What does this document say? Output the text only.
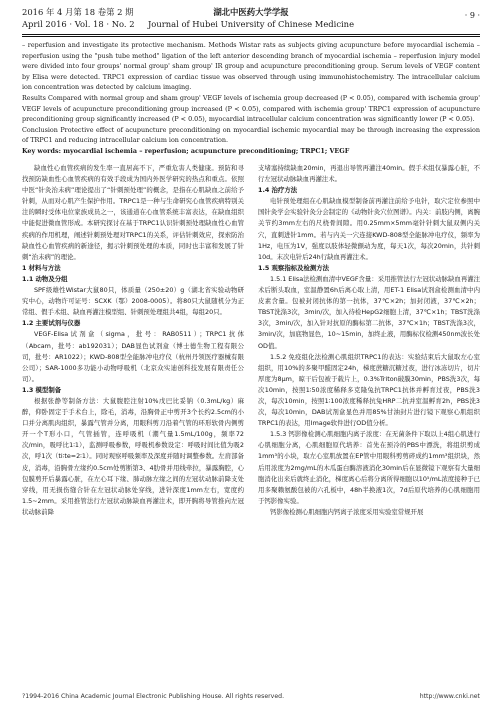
2016 年 4 月第 18 卷第 2 期
April 2016 · Vol. 18 · No. 2
湖北中医药大学学报
Journal of Hubei University of Chinese Medicine
· 9 ·

– reperfusion and investigate its protective mechanism. Methods Wistar rats as subjects giving acupuncture before myocardial ischemia – reperfusion using the "push tube method" ligation of the left anterior descending branch of myocardial ischemia – reperfusion injury model were divided into four groups' normal group' sham group' IR group and acupuncture preconditioning group. Serum levels of VEGF content by Elisa were detected. TRPC1 expression of cardiac tissue was observed through using immunohistochemistry. The intracellular calcium ion concentration was detected by calcium imaging.

Results Compared with normal group and sham group' VEGF levels of ischemia group decreased (P < 0.05), compared with ischemia group' VEGF levels of acupuncture preconditioning group increased (P < 0.05), compared with ischemia group' TRPC1 expression of acupuncture preconditioning group significantly increased (P < 0.05), myocardial intracellular calcium concentration was significantly lower (P < 0.05).

Conclusion Protective effect of acupuncture preconditioning on myocardial ischemic myocardial may be through increasing the expression of TRPC1 and reducing intracellular calcium ion concentration.

Key words: myocardial ischemia – reperfusion; acupuncture preconditioning; TRPC1; VEGF

缺血性心血管疾病的发生率一直居高不下，严重危害人类健康。预防和寻找预防缺血性心血管疾病的有效手段成为国内外医学研究的热点和重点。依照中医“针灸治未病”理论提出了“针刺预处理”的概念，是指在心肌缺血之前给予针刺，从而对心肌产生保护作用。TRPC1是一种与生命研究心血管疾病特别关注的瞬时受体电位家族成员之一，该通道在心血管系统丰富表达，在缺血组织中能促进微血管形成。本研究探讨在基于TRPC1认识针刺预处理缺血性心血管疾病的作用机理，阐述针刺预处理对TRPC1的关系，评估针刺效应，探索防治缺血性心血管疾病的新途径，揭示针刺预处理的本质，同时也丰富和发展了针刺“治未病”的理论。

1 材料与方法

1.1 动物及分组

SPF级雄性Wistar大鼠80只，体质量（250±20）g（湖北省实验动物研究中心，动物许可证号：SCXK（鄂）2008-0005）。将80只大鼠随机分为正常组、假手术组、缺血再灌注模型组、针刺预处理组共4组，每组20只。

1.2 主要试剂与仪器

VEGF-Elisa试剂盒（sigma，批号：RAB0511）；TRPC1抗体（Abcam，批号：ab192031）；DAB显色试剂盒（博士德生物工程有限公司，批号：AR1022）；KWD-808型全能脉冲电疗仪（杭州丹领医疗器械有限公司）；SAR-1000多功能小动物呼吸机（北京众实迪创科技发展有限责任公司）。

1.3 模型制备

根据张静等制备方法：大鼠腹腔注射10%戊巴比妥钠（0.3mL/kg）麻醉，仰卧固定于手术台上，除毛，消毒，沿胸骨正中剪开3个长约2.5cm的小口并分离肌肉组织，暴露气管并分离，用眼科剪刀沿着气管的环形软骨内侧剪开一个T形小口，气管插管，连呼吸机（潮气量1.5mL/100g，频率72次/min，吸呼比1∶1），监测呼吸参数，呼吸机参数设定：呼吸时间比值为吸2次，呼1次（ti∶te=2∶1）。同时观察呼吸频率及深度并随时调整参数。左肩部备皮，消毒，沿胸骨左缘约0.5cm处剪断第3、4肋骨并用线牵拉，暴露胸腔，心包膜剪开后暴露心脏，在左心耳下缘、肺动脉左缘之间的左冠状动脉前降支处穿线，用无损伤缝合针在左冠状动脉处穿线，进针深度1mm左右，宽度约1.5~2mm。采用推管法行左冠状动脉缺血再灌注术，即开胸将导管推向左冠状动脉前降

支堵塞持续缺血20min，再退出导管再灌注40min。假手术组仅暴露心脏，不行左冠状动脉缺血再灌注术。

1.4 治疗方法

电针预处理组在心肌缺血模型制备前再灌注前给予电针，取穴定位参照中国针灸学会实验针灸分会制定的《动物针灸穴位图谱》。内关：前肢内侧，离腕关节约3mm左右的尺桡骨间隙。用0.25mm×5mm毫针针刺大鼠双侧内关穴，直刺进针1mm。若与内关一穴连接KWD-808型全能脉冲电疗仪，频率为1Hz，电压为1V，强度以肢体轻微颤动为度，每天1次，每次20min，共针刺10d。末次电针后24h行缺血再灌注术。

1.5 观察指标及检测方法

1.5.1 Elisa法检测血清中VEGF含量：采用推管法行左冠状动脉缺血再灌注术后断头取血，室温静置6h后离心取上清，用ET-1 Elisa试剂盒检测血清中内皮素含量。包被封闭抗体的第一抗体，37℃×2h；加封闭液，37℃×2h；TBST洗涤3次，3min/次，加入待检HepG2细胞上清，37℃×1h；TBST洗涤3次，3min/次，加入针对抗原的酶标第二抗体，37℃×1h；TBST洗涤3次，3min/次，加底物显色，10~15min，加终止液，用酶标仪检测450nm波长处OD值。

1.5.2 免疫组化法检测心肌组织TRPC1的表达：实验结束后大鼠取左心室组织，用10%的多聚甲醛固定24h，梯度蔗糖沉糖过夜，进行冰冻切片，切片厚度为8μm，晾干后包被于载片上，0.3%Triton破膜30min，PBS洗3次，每次10min，按照1∶50浓度稀释多克隆兔抗TRPC1抗体并孵育过夜，PBS洗3次，每次10min，按照1∶100浓度稀释抗兔HRP二抗并室温孵育2h，PBS洗3次，每次10min，DAB试剂盒显色并用85%甘油封片进行镜下观察心肌组织TRPC1的表达，用Image软件进行OD值分析。

1.5.3 钙影像检测心肌细胞内离子浓度：在无菌条件下取以上4组心肌进行心肌细胞分离，心肌细胞原代培养：首先在预冷的PBS中漂洗，将组织剪成1mm³的小块，取左心室肌放置在EP管中用眼科剪剪碎成约1mm³组织块，然后用浓度为2mg/mL的木瓜蛋白酶溶液消化30min后在显微镜下观察有大量细胞消化出来后就终止消化，梯度离心后将分离所得细胞以10⁵/mL浓度接种于已用多聚赖氨酸包被的六孔板中，48h半换液1次，7d后原代培养的心肌细胞用于钙影像实验。

钙影像检测心肌细胞内钙离子浓度采用实验室常规开展

?1994-2016 China Academic Journal Electronic Publishing House. All rights reserved.	http://www.cnki.net
